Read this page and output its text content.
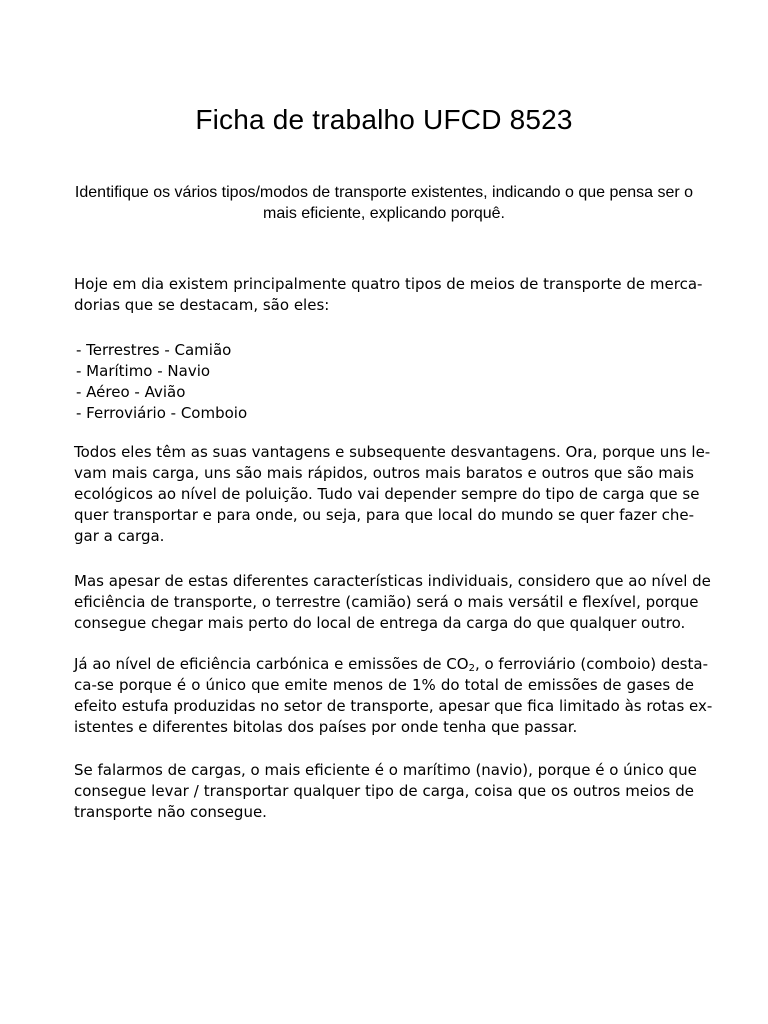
Ficha de trabalho UFCD 8523

Identifique os vários tipos/modos de transporte existentes, indicando o que pensa ser o mais eficiente, explicando porquê.

Hoje em dia existem principalmente quatro tipos de meios de transporte de merca-
dorias que se destacam, são eles:

- Terrestres - Camião
- Marítimo - Navio
- Aéreo - Avião
- Ferroviário - Comboio

Todos eles têm as suas vantagens e subsequente desvantagens. Ora, porque uns le-
vam mais carga, uns são mais rápidos, outros mais baratos e outros que são mais
ecológicos ao nível de poluição. Tudo vai depender sempre do tipo de carga que se
quer transportar e para onde, ou seja, para que local do mundo se quer fazer che-
gar a carga.

Mas apesar de estas diferentes características individuais, considero que ao nível de
eficiência de transporte, o terrestre (camião) será o mais versátil e flexível, porque
consegue chegar mais perto do local de entrega da carga do que qualquer outro.

Já ao nível de eficiência carbónica e emissões de $CO_2$, o ferroviário (comboio) desta-
ca-se porque é o único que emite menos de 1% do total de emissões de gases de
efeito estufa produzidas no setor de transporte, apesar que fica limitado às rotas ex-
istentes e diferentes bitolas dos países por onde tenha que passar.

Se falarmos de cargas, o mais eficiente é o marítimo (navio), porque é o único que
consegue levar / transportar qualquer tipo de carga, coisa que os outros meios de
transporte não consegue.
